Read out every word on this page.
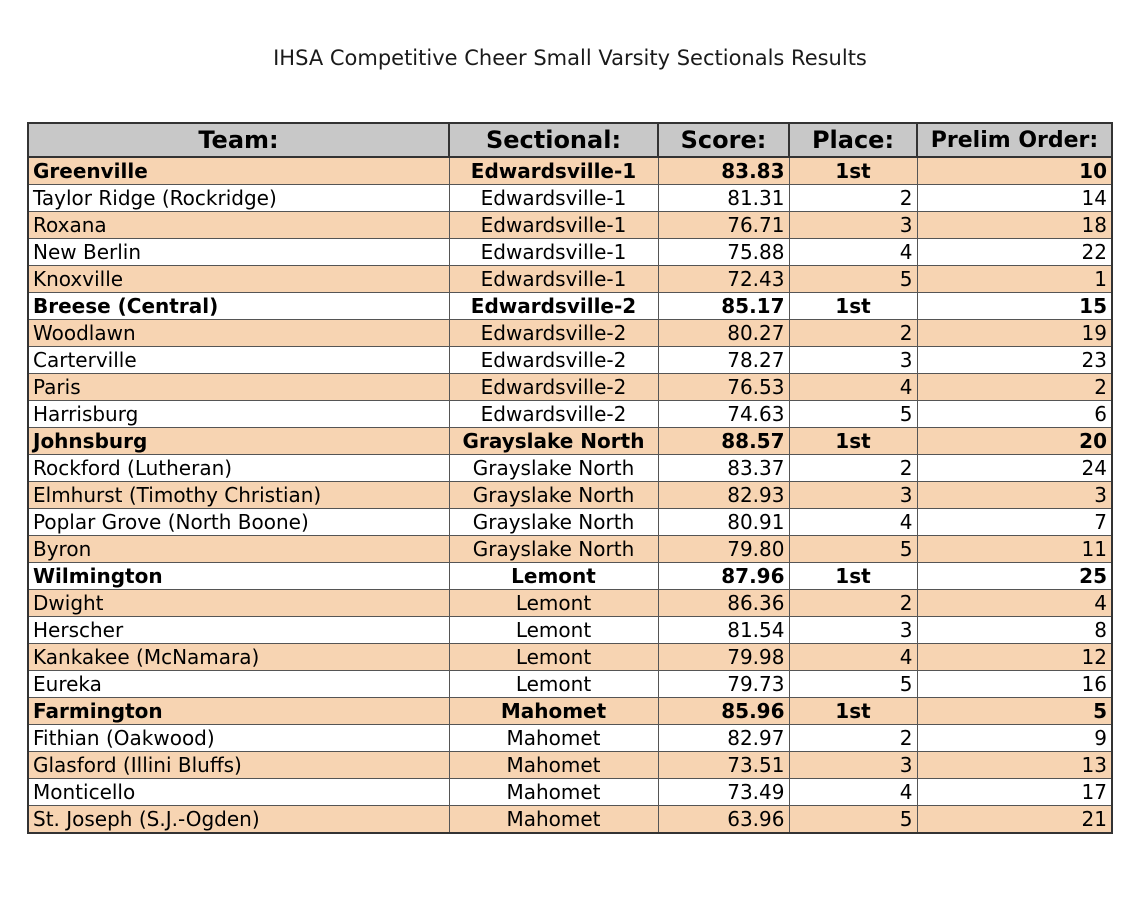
IHSA Competitive Cheer Small Varsity Sectionals Results
Team:	Sectional:	Score:	Place:	Prelim Order:
Greenville	Edwardsville-1	83.83	1st	10
Taylor Ridge (Rockridge)	Edwardsville-1	81.31	2	14
Roxana	Edwardsville-1	76.71	3	18
New Berlin	Edwardsville-1	75.88	4	22
Knoxville	Edwardsville-1	72.43	5	1
Breese (Central)	Edwardsville-2	85.17	1st	15
Woodlawn	Edwardsville-2	80.27	2	19
Carterville	Edwardsville-2	78.27	3	23
Paris	Edwardsville-2	76.53	4	2
Harrisburg	Edwardsville-2	74.63	5	6
Johnsburg	Grayslake North	88.57	1st	20
Rockford (Lutheran)	Grayslake North	83.37	2	24
Elmhurst (Timothy Christian)	Grayslake North	82.93	3	3
Poplar Grove (North Boone)	Grayslake North	80.91	4	7
Byron	Grayslake North	79.80	5	11
Wilmington	Lemont	87.96	1st	25
Dwight	Lemont	86.36	2	4
Herscher	Lemont	81.54	3	8
Kankakee (McNamara)	Lemont	79.98	4	12
Eureka	Lemont	79.73	5	16
Farmington	Mahomet	85.96	1st	5
Fithian (Oakwood)	Mahomet	82.97	2	9
Glasford (Illini Bluffs)	Mahomet	73.51	3	13
Monticello	Mahomet	73.49	4	17
St. Joseph (S.J.-Ogden)	Mahomet	63.96	5	21
